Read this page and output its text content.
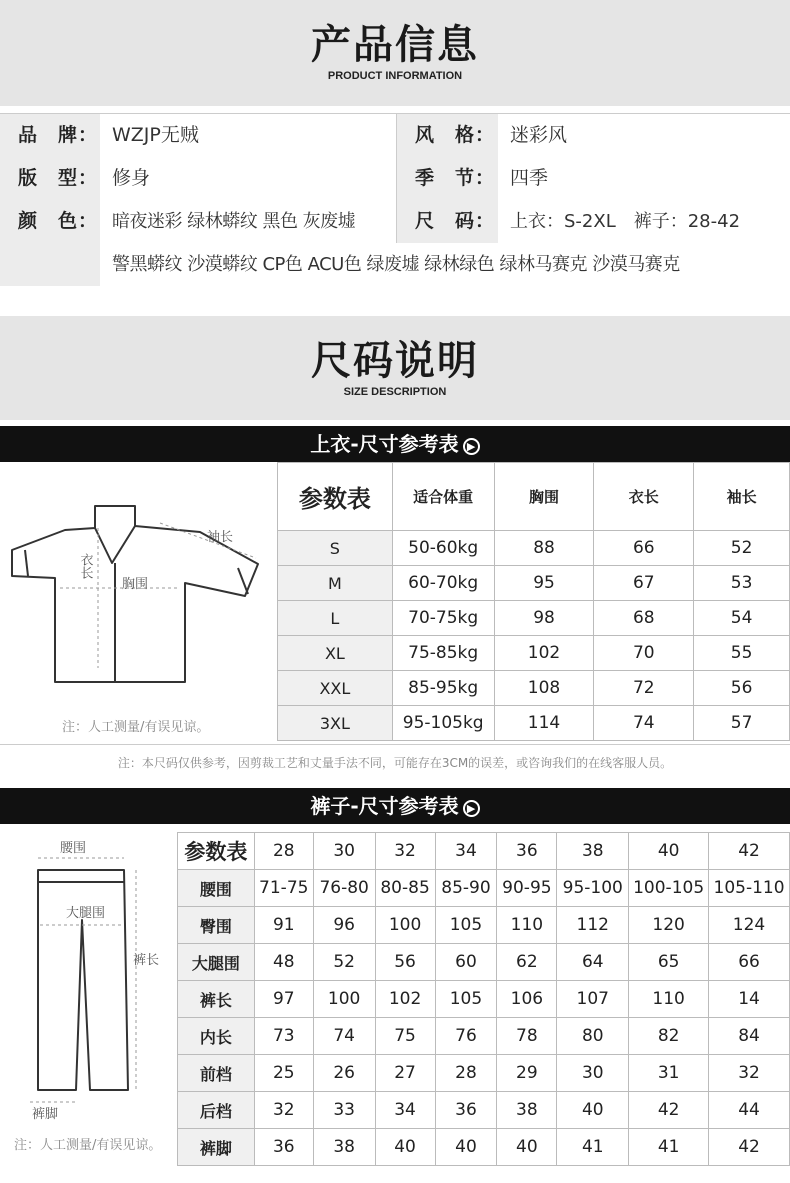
产品信息
PRODUCT INFORMATION
品　牌： WZJP无贼	风　格： 迷彩风
版　型： 修身	季　节： 四季
颜　色： 暗夜迷彩 绿林蟒纹 黑色 灰废墟	尺　码： 上衣：S-2XL　裤子：28-42
警黑蟒纹 沙漠蟒纹 CP色 ACU色 绿废墟 绿林绿色 绿林马赛克 沙漠马赛克
尺码说明
SIZE DESCRIPTION
上衣-尺寸参考表 ▶
袖长
衣长
胸围
注：人工测量/有误见谅。
参数表	适合体重	胸围	衣长	袖长
S	50-60kg	88	66	52
M	60-70kg	95	67	53
L	70-75kg	98	68	54
XL	75-85kg	102	70	55
XXL	85-95kg	108	72	56
3XL	95-105kg	114	74	57
注：本尺码仅供参考，因剪裁工艺和丈量手法不同，可能存在3CM的误差，或咨询我们的在线客服人员。
裤子-尺寸参考表 ▶
腰围
大腿围
裤长
裤脚
注：人工测量/有误见谅。
参数表	28	30	32	34	36	38	40	42
腰围	71-75	76-80	80-85	85-90	90-95	95-100	100-105	105-110
臀围	91	96	100	105	110	112	120	124
大腿围	48	52	56	60	62	64	65	66
裤长	97	100	102	105	106	107	110	14
内长	73	74	75	76	78	80	82	84
前档	25	26	27	28	29	30	31	32
后档	32	33	34	36	38	40	42	44
裤脚	36	38	40	40	40	41	41	42
